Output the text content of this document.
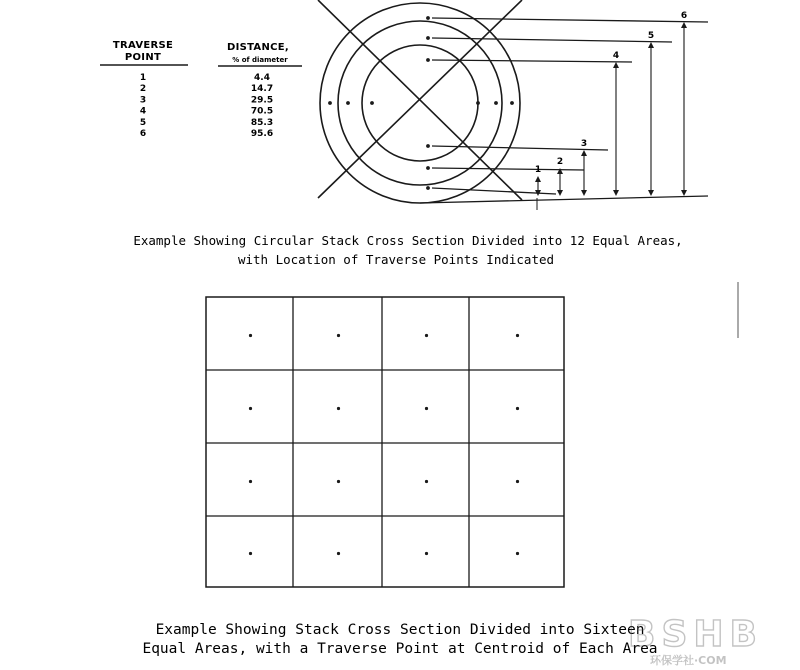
TRAVERSE
POINT
DISTANCE,
% of diameter
1	4.4
2	14.7
3	29.5
4	70.5
5	85.3
6	95.6
1
2
3
4
5
6
Example Showing Circular Stack Cross Section Divided into 12 Equal Areas,
with Location of Traverse Points Indicated
Example Showing Stack Cross Section Divided into Sixteen
Equal Areas, with a Traverse Point at Centroid of Each Area
BSHB
环保学社·COM
